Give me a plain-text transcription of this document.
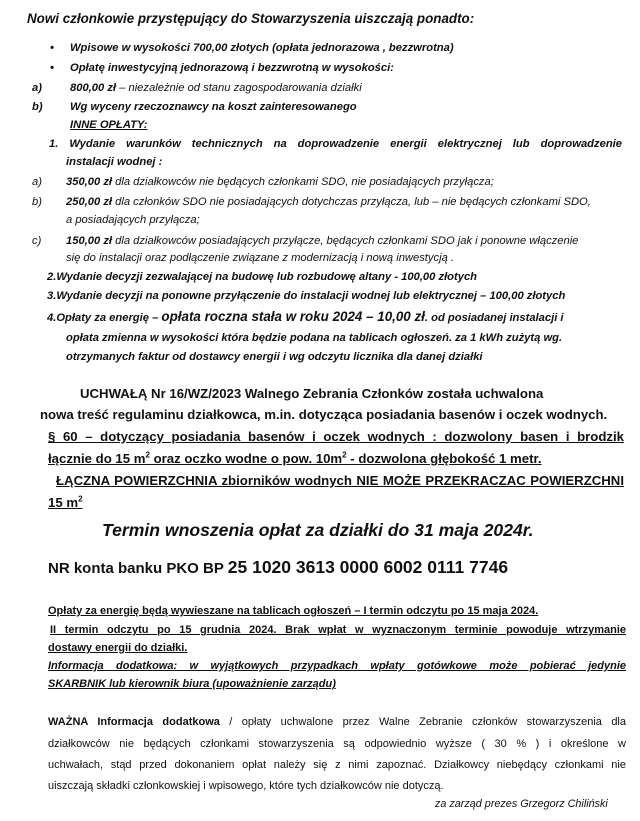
Nowi członkowie przystępujący do Stowarzyszenia uiszczają ponadto:
• Wpisowe w wysokości 700,00 złotych (opłata jednorazowa , bezzwrotna)
• Opłatę inwestycyjną jednorazową i bezzwrotną w wysokości:
a)	800,00 zł – niezależnie od stanu zagospodarowania działki
b) Wg wyceny rzeczoznawcy na koszt zainteresowanego
INNE OPŁATY:
1. Wydanie warunków technicznych na doprowadzenie energii elektrycznej lub doprowadzenie
instalacji wodnej :
a) 350,00 zł dla działkowców nie będących członkami SDO, nie posiadających przyłącza;
b) 250,00 zł dla członków SDO nie posiadających dotychczas przyłącza, lub – nie będących członkami SDO,
a posiadających przyłącza;
c) 150,00 zł dla działkowców posiadających przyłącze, będących członkami SDO jak i ponowne włączenie
się do instalacji oraz podłączenie związane z modernizacją i nową inwestycją .
2.Wydanie decyzji zezwalającej na budowę lub rozbudowę altany - 100,00 złotych
3.Wydanie decyzji na ponowne przyłączenie do instalacji wodnej lub elektrycznej – 100,00 złotych
4.Opłaty za energię – opłata roczna stała w roku 2024 – 10,00 zł. od posiadanej instalacji i
opłata zmienna w wysokości która będzie podana na tablicach ogłoszeń. za 1 kWh zużytą wg.
otrzymanych faktur od dostawcy energii i wg odczytu licznika dla danej działki
UCHWAŁĄ Nr 16/WZ/2023 Walnego Zebrania Członków została uchwalona
nowa treść regulaminu działkowca, m.in. dotycząca posiadania basenów i oczek wodnych.
§ 60 – dotyczący posiadania basenów i oczek wodnych : dozwolony basen i brodzik
łącznie do 15 $m^2$ oraz oczko wodne o pow. $10m^2$ - dozwolona głębokość 1 metr.
ŁĄCZNA POWIERZCHNIA zbiorników wodnych NIE MOŻE PRZEKRACZAC POWIERZCHNI
15 $m^2$
Termin wnoszenia opłat za działki do 31 maja 2024r.
NR konta banku PKO BP 25 1020 3613 0000 6002 0111 7746
Opłaty za energię będą wywieszane na tablicach ogłoszeń – I termin odczytu po 15 maja 2024.
II termin odczytu po 15 grudnia 2024. Brak wpłat w wyznaczonym terminie powoduje wtrzymanie
dostawy energii do działki.
Informacja dodatkowa: w wyjątkowych przypadkach wpłaty gotówkowe może pobierać jedynie
SKARBNIK lub kierownik biura (upoważnienie zarządu)
WAŻNA Informacja dodatkowa / opłaty uchwalone przez Walne Zebranie członków stowarzyszenia dla
działkowców nie będących członkami stowarzyszenia są odpowiednio wyższe ( 30 % ) i określone w
uchwałach, stąd przed dokonaniem opłat należy się z nimi zapoznać. Działkowcy niebędący członkami nie
uiszczają składki członkowskiej i wpisowego, które tych działkowców nie dotyczą.
za zarząd prezes Grzegorz Chiliński
